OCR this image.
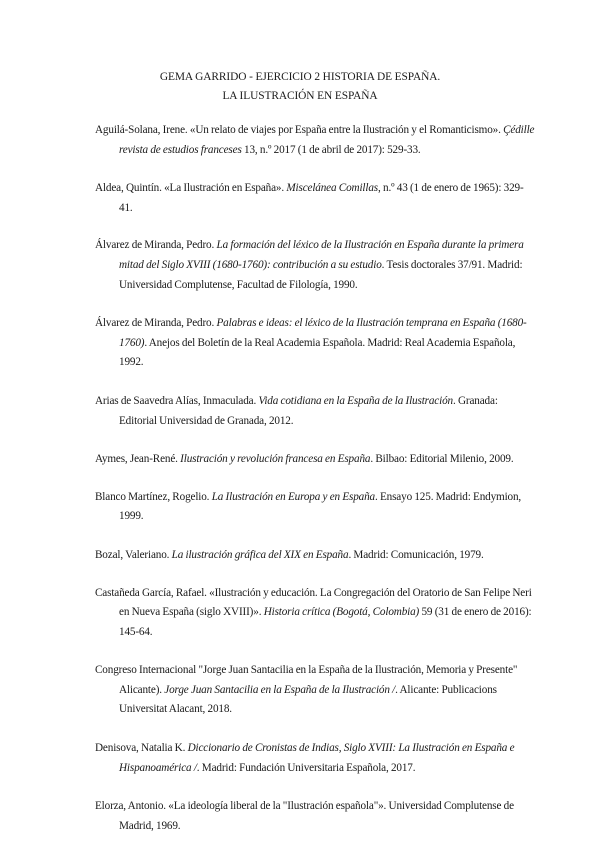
GEMA GARRIDO - EJERCICIO 2 HISTORIA DE ESPAÑA.
LA ILUSTRACIÓN EN ESPAÑA

Aguilá-Solana, Irene. «Un relato de viajes por España entre la Ilustración y el Romanticismo». Çédille revista de estudios franceses 13, n.º 2017 (1 de abril de 2017): 529-33.

Aldea, Quintín. «La Ilustración en España». Miscelánea Comillas, n.º 43 (1 de enero de 1965): 329-41.

Álvarez de Miranda, Pedro. La formación del léxico de la Ilustración en España durante la primera mitad del Siglo XVIII (1680-1760): contribución a su estudio. Tesis doctorales 37/91. Madrid: Universidad Complutense, Facultad de Filología, 1990.

Álvarez de Miranda, Pedro. Palabras e ideas: el léxico de la Ilustración temprana en España (1680-1760). Anejos del Boletín de la Real Academia Española. Madrid: Real Academia Española, 1992.

Arias de Saavedra Alías, Inmaculada. Vida cotidiana en la España de la Ilustración. Granada: Editorial Universidad de Granada, 2012.

Aymes, Jean-René. Ilustración y revolución francesa en España. Bilbao: Editorial Milenio, 2009.

Blanco Martínez, Rogelio. La Ilustración en Europa y en España. Ensayo 125. Madrid: Endymion, 1999.

Bozal, Valeriano. La ilustración gráfica del XIX en España. Madrid: Comunicación, 1979.

Castañeda García, Rafael. «Ilustración y educación. La Congregación del Oratorio de San Felipe Neri en Nueva España (siglo XVIII)». Historia crítica (Bogotá, Colombia) 59 (31 de enero de 2016): 145-64.

Congreso Internacional "Jorge Juan Santacilia en la España de la Ilustración, Memoria y Presente" Alicante). Jorge Juan Santacilia en la España de la Ilustración /. Alicante: Publicacions Universitat Alacant, 2018.

Denisova, Natalia K. Diccionario de Cronistas de Indias, Siglo XVIII: La Ilustración en España e Hispanoamérica /. Madrid: Fundación Universitaria Española, 2017.

Elorza, Antonio. «La ideología liberal de la "Ilustración española"». Universidad Complutense de Madrid, 1969.
